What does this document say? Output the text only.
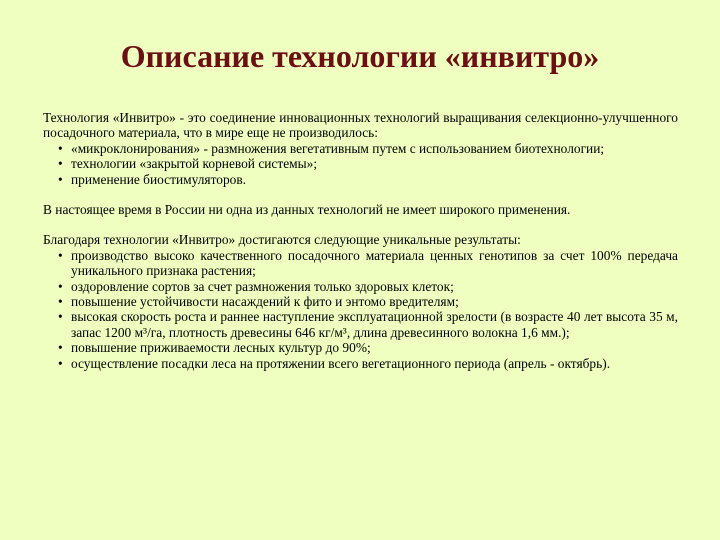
Описание технологии «инвитро»

Технология «Инвитро» - это соединение инновационных технологий выращивания селекционно-улучшенного посадочного материала, что в мире еще не производилось:

• «микроклонирования» - размножения вегетативным путем с использованием биотехнологии;
• технологии «закрытой корневой системы»;
• применение биостимуляторов.

В настоящее время в России ни одна из данных технологий не имеет широкого применения.

Благодаря технологии «Инвитро» достигаются следующие уникальные результаты:

• производство высоко качественного посадочного материала ценных генотипов за счет 100% передача уникального признака растения;
• оздоровление сортов за счет размножения только здоровых клеток;
• повышение устойчивости насаждений к фито и энтомо вредителям;
• высокая скорость роста и раннее наступление эксплуатационной зрелости (в возрасте 40 лет высота 35 м, запас 1200 м³/га, плотность древесины 646 кг/м³, длина древесинного волокна 1,6 мм.);
• повышение приживаемости лесных культур до 90%;
• осуществление посадки леса на протяжении всего вегетационного периода (апрель - октябрь).
